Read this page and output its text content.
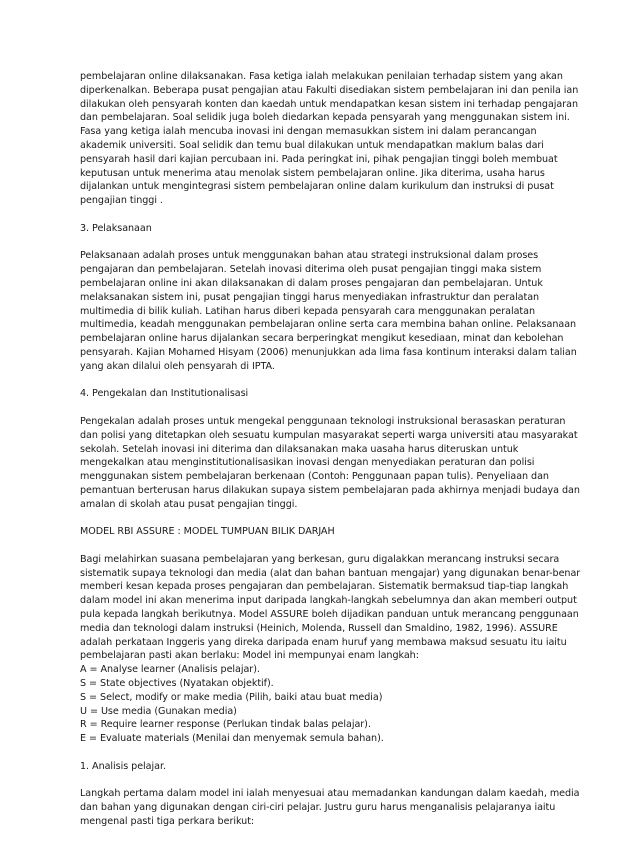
pembelajaran online dilaksanakan. Fasa ketiga ialah melakukan penilaian terhadap sistem yang akan
diperkenalkan. Beberapa pusat pengajian atau Fakulti disediakan sistem pembelajaran ini dan penila ian
dilakukan oleh pensyarah konten dan kaedah untuk mendapatkan kesan sistem ini terhadap pengajaran
dan pembelajaran. Soal selidik juga boleh diedarkan kepada pensyarah yang menggunakan sistem ini.
Fasa yang ketiga ialah mencuba inovasi ini dengan memasukkan sistem ini dalam perancangan
akademik universiti. Soal selidik dan temu bual dilakukan untuk mendapatkan maklum balas dari
pensyarah hasil dari kajian percubaan ini. Pada peringkat ini, pihak pengajian tinggi boleh membuat
keputusan untuk menerima atau menolak sistem pembelajaran online. Jika diterima, usaha harus
dijalankan untuk mengintegrasi sistem pembelajaran online dalam kurikulum dan instruksi di pusat
pengajian tinggi .
3. Pelaksanaan
Pelaksanaan adalah proses untuk menggunakan bahan atau strategi instruksional dalam proses
pengajaran dan pembelajaran. Setelah inovasi diterima oleh pusat pengajian tinggi maka sistem
pembelajaran online ini akan dilaksanakan di dalam proses pengajaran dan pembelajaran. Untuk
melaksanakan sistem ini, pusat pengajian tinggi harus menyediakan infrastruktur dan peralatan
multimedia di bilik kuliah. Latihan harus diberi kepada pensyarah cara menggunakan peralatan
multimedia, keadah menggunakan pembelajaran online serta cara membina bahan online. Pelaksanaan
pembelajaran online harus dijalankan secara berperingkat mengikut kesediaan, minat dan kebolehan
pensyarah. Kajian Mohamed Hisyam (2006) menunjukkan ada lima fasa kontinum interaksi dalam talian
yang akan dilalui oleh pensyarah di IPTA.
4. Pengekalan dan Institutionalisasi
Pengekalan adalah proses untuk mengekal penggunaan teknologi instruksional berasaskan peraturan
dan polisi yang ditetapkan oleh sesuatu kumpulan masyarakat seperti warga universiti atau masyarakat
sekolah. Setelah inovasi ini diterima dan dilaksanakan maka uasaha harus diteruskan untuk
mengekalkan atau menginstitutionalisasikan inovasi dengan menyediakan peraturan dan polisi
menggunakan sistem pembelajaran berkenaan (Contoh: Penggunaan papan tulis). Penyeliaan dan
pemantuan berterusan harus dilakukan supaya sistem pembelajaran pada akhirnya menjadi budaya dan
amalan di skolah atau pusat pengajian tinggi.
MODEL RBI ASSURE : MODEL TUMPUAN BILIK DARJAH
Bagi melahirkan suasana pembelajaran yang berkesan, guru digalakkan merancang instruksi secara
sistematik supaya teknologi dan media (alat dan bahan bantuan mengajar) yang digunakan benar-benar
memberi kesan kepada proses pengajaran dan pembelajaran. Sistematik bermaksud tiap-tiap langkah
dalam model ini akan menerima input daripada langkah-langkah sebelumnya dan akan memberi output
pula kepada langkah berikutnya. Model ASSURE boleh dijadikan panduan untuk merancang penggunaan
media dan teknologi dalam instruksi (Heinich, Molenda, Russell dan Smaldino, 1982, 1996). ASSURE
adalah perkataan Inggeris yang direka daripada enam huruf yang membawa maksud sesuatu itu iaitu
pembelajaran pasti akan berlaku: Model ini mempunyai enam langkah:
A = Analyse learner (Analisis pelajar).
S = State objectives (Nyatakan objektif).
S = Select, modify or make media (Pilih, baiki atau buat media)
U = Use media (Gunakan media)
R = Require learner response (Perlukan tindak balas pelajar).
E = Evaluate materials (Menilai dan menyemak semula bahan).
1. Analisis pelajar.
Langkah pertama dalam model ini ialah menyesuai atau memadankan kandungan dalam kaedah, media
dan bahan yang digunakan dengan ciri-ciri pelajar. Justru guru harus menganalisis pelajaranya iaitu
mengenal pasti tiga perkara berikut:
